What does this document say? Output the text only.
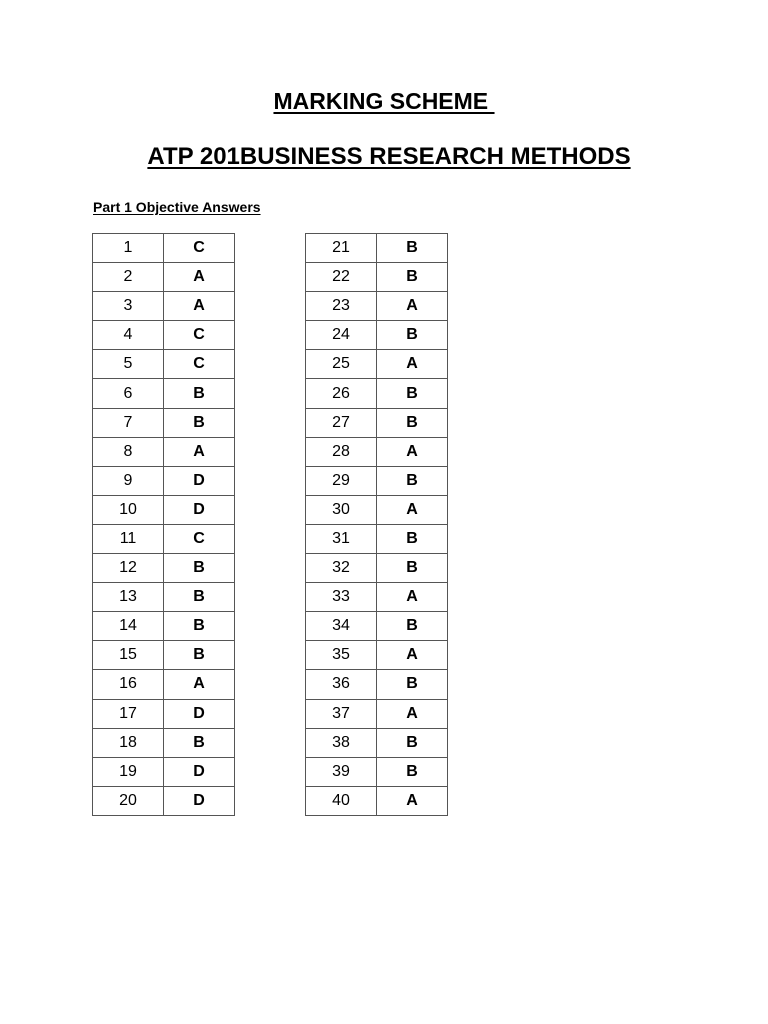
MARKING SCHEME
ATP 201BUSINESS RESEARCH METHODS
Part 1 Objective Answers
1	C
2	A
3	A
4	C
5	C
6	B
7	B
8	A
9	D
10	D
11	C
12	B
13	B
14	B
15	B
16	A
17	D
18	B
19	D
20	D
21	B
22	B
23	A
24	B
25	A
26	B
27	B
28	A
29	B
30	A
31	B
32	B
33	A
34	B
35	A
36	B
37	A
38	B
39	B
40	A
